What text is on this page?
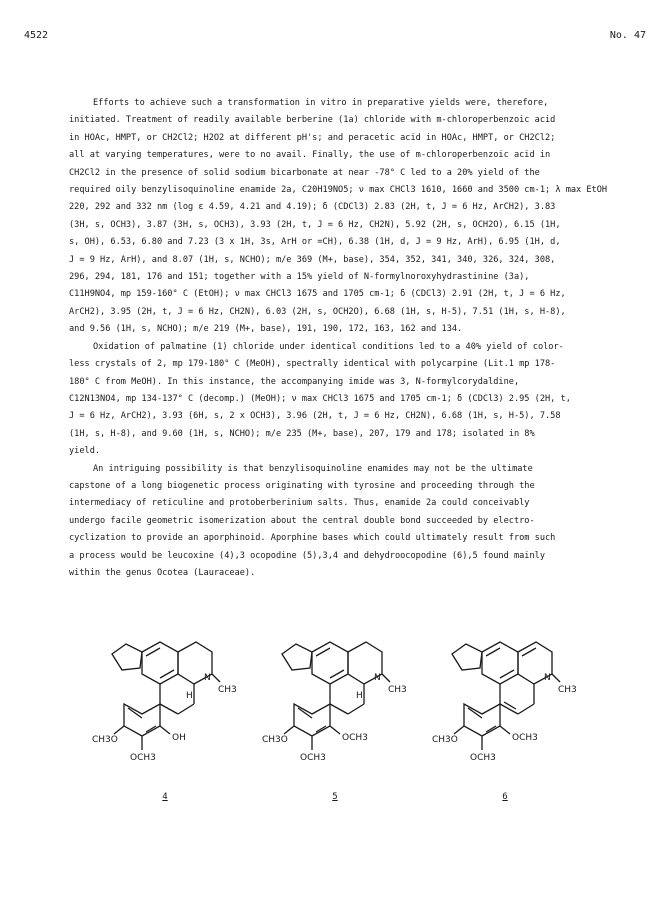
4522	No. 47

Efforts to achieve such a transformation in vitro in preparative yields were, therefore,

initiated. Treatment of readily available berberine (1a) chloride with m-chloroperbenzoic acid

in HOAc, HMPT, or CH2Cl2; H2O2 at different pH's; and peracetic acid in HOAc, HMPT, or CH2Cl2;

all at varying temperatures, were to no avail. Finally, the use of m-chloroperbenzoic acid in

CH2Cl2 in the presence of solid sodium bicarbonate at near -78° C led to a 20% yield of the

required oily benzylisoquinoline enamide 2a, C20H19NO5; ν max CHCl3 1610, 1660 and 3500 cm-1; λ max EtOH

220, 292 and 332 nm (log ε 4.59, 4.21 and 4.19); δ (CDCl3) 2.83 (2H, t, J = 6 Hz, ArCH2), 3.83

(3H, s, OCH3), 3.87 (3H, s, OCH3), 3.93 (2H, t, J = 6 Hz, CH2N), 5.92 (2H, s, OCH2O), 6.15 (1H,

s, OH), 6.53, 6.80 and 7.23 (3 x 1H, 3s, ArH or =CH), 6.38 (1H, d, J = 9 Hz, ArH), 6.95 (1H, d,

J = 9 Hz, ArH), and 8.07 (1H, s, NCHO); m/e 369 (M+, base), 354, 352, 341, 340, 326, 324, 308,

296, 294, 181, 176 and 151; together with a 15% yield of N-formylnoroxyhydrastinine (3a),

C11H9NO4, mp 159-160° C (EtOH); ν max CHCl3 1675 and 1705 cm-1; δ (CDCl3) 2.91 (2H, t, J = 6 Hz,

ArCH2), 3.95 (2H, t, J = 6 Hz, CH2N), 6.03 (2H, s, OCH2O), 6.68 (1H, s, H-5), 7.51 (1H, s, H-8),

and 9.56 (1H, s, NCHO); m/e 219 (M+, base), 191, 190, 172, 163, 162 and 134.

Oxidation of palmatine (1) chloride under identical conditions led to a 40% yield of color-

less crystals of 2, mp 179-180° C (MeOH), spectrally identical with polycarpine (Lit.1 mp 178-

180° C from MeOH). In this instance, the accompanying imide was 3, N-formylcorydaldine,

C12N13NO4, mp 134-137° C (decomp.) (MeOH); ν max CHCl3 1675 and 1705 cm-1; δ (CDCl3) 2.95 (2H, t,

J = 6 Hz, ArCH2), 3.93 (6H, s, 2 x OCH3), 3.96 (2H, t, J = 6 Hz, CH2N), 6.68 (1H, s, H-5), 7.58

(1H, s, H-8), and 9.60 (1H, s, NCHO); m/e 235 (M+, base), 207, 179 and 178; isolated in 8%

yield.

An intriguing possibility is that benzylisoquinoline enamides may not be the ultimate

capstone of a long biogenetic process originating with tyrosine and proceeding through the

intermediacy of reticuline and protoberberinium salts. Thus, enamide 2a could conceivably

undergo facile geometric isomerization about the central double bond succeeded by electro-

cyclization to provide an aporphinoid. Aporphine bases which could ultimately result from such

a process would be leucoxine (4),3 ocopodine (5),3,4 and dehydroocopodine (6),5 found mainly

within the genus Ocotea (Lauraceae).

N
CH3
H
CH3O	OH
OCH3
4
N
CH3
H
CH3O	OCH3
OCH3
5
N
CH3
CH3O	OCH3
OCH3
6
